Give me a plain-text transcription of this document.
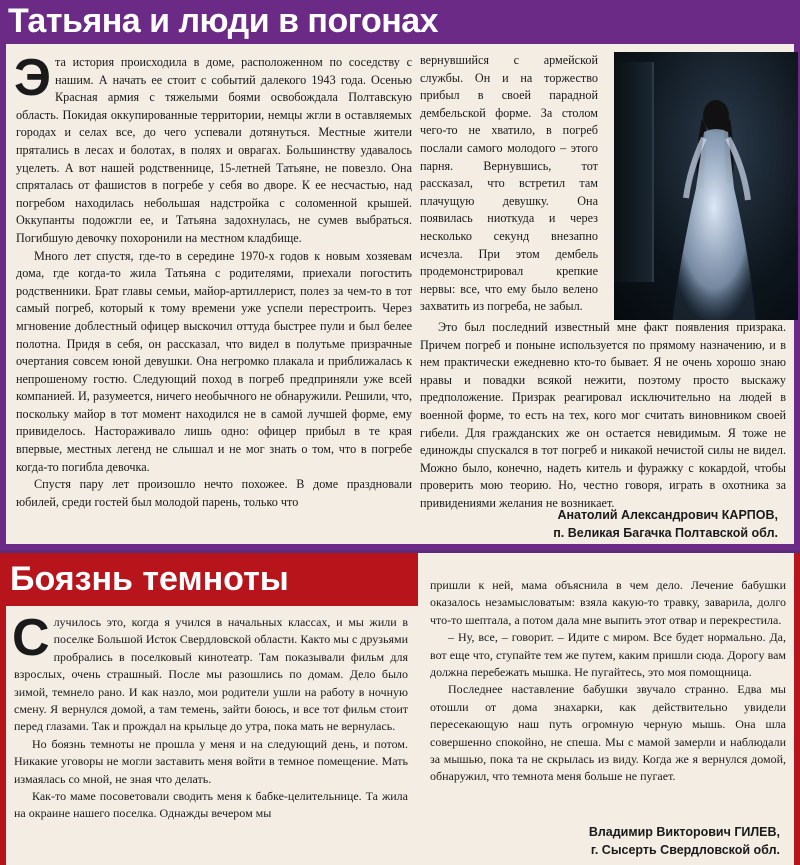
Татьяна и люди в погонах

Эта история происходила в доме, расположенном по соседству с нашим. А начать ее стоит с событий далекого 1943 года. Осенью Красная армия с тяжелыми боями освобождала Полтавскую область. Покидая оккупированные территории, немцы жгли в оставляемых городах и селах все, до чего успевали дотянуться. Местные жители прятались в лесах и болотах, в полях и оврагах. Большинству удавалось уцелеть. А вот нашей родственнице, 15-летней Татьяне, не повезло. Она спряталась от фашистов в погребе у себя во дворе. К ее несчастью, над погребом находилась небольшая надстройка с соломенной крышей. Оккупанты подожгли ее, и Татьяна задохнулась, не сумев выбраться. Погибшую девочку похоронили на местном кладбище.

Много лет спустя, где-то в середине 1970-х годов к новым хозяевам дома, где когда-то жила Татьяна с родителями, приехали погостить родственники. Брат главы семьи, майор-артиллерист, полез за чем-то в тот самый погреб, который к тому времени уже успели перестроить. Через мгновение доблестный офицер выскочил оттуда быстрее пули и был белее полотна. Придя в себя, он рассказал, что видел в полутьме призрачные очертания совсем юной девушки. Она негромко плакала и приближалась к непрошеному гостю. Следующий поход в погреб предприняли уже всей компанией. И, разумеется, ничего необычного не обнаружили. Решили, что, поскольку майор в тот момент находился не в самой лучшей форме, ему привиделось. Настораживало лишь одно: офицер прибыл в те края впервые, местных легенд не слышал и не мог знать о том, что в погребе когда-то погибла девочка.

Спустя пару лет произошло нечто похожее. В доме праздновали юбилей, среди гостей был молодой парень, только что

вернувшийся с армейской службы. Он и на торжество прибыл в своей парадной дембельской форме. За столом чего-то не хватило, в погреб послали самого молодого – этого парня. Вернувшись, тот рассказал, что встретил там плачущую девушку. Она появилась ниоткуда и через несколько секунд внезапно исчезла. При этом дембель продемонстрировал крепкие нервы: все, что ему было велено захватить из погреба, не забыл.

Это был последний известный мне факт появления призрака. Причем погреб и поныне используется по прямому назначению, и в нем практически ежедневно кто-то бывает. Я не очень хорошо знаю нравы и повадки всякой нежити, поэтому просто выскажу предположение. Призрак реагировал исключительно на людей в военной форме, то есть на тех, кого мог считать виновником своей гибели. Для гражданских же он остается невидимым. Я тоже не единожды спускался в тот погреб и никакой нечистой силы не видел. Можно было, конечно, надеть китель и фуражку с кокардой, чтобы проверить мою теорию. Но, честно говоря, играть в охотника за привидениями желания не возникает.

Анатолий Александрович КАРПОВ,
п. Великая Багачка Полтавской обл.
Боязнь темноты

Случилось это, когда я учился в начальных классах, и мы жили в поселке Большой Исток Свердловской области. Както мы с друзьями пробрались в поселковый кинотеатр. Там показывали фильм для взрослых, очень страшный. После мы разошлись по домам. Дело было зимой, темнело рано. И как назло, мои родители ушли на работу в ночную смену. Я вернулся домой, а там темень, зайти боюсь, и все тот фильм стоит перед глазами. Так и прождал на крыльце до утра, пока мать не вернулась.

Но боязнь темноты не прошла у меня и на следующий день, и потом. Никакие уговоры не могли заставить меня войти в темное помещение. Мать измаялась со мной, не зная что делать.

Как-то маме посоветовали сводить меня к бабке-целительнице. Та жила на окраине нашего поселка. Однажды вечером мы

пришли к ней, мама объяснила в чем дело. Лечение бабушки оказалось незамысловатым: взяла какую-то травку, заварила, долго что-то шептала, а потом дала мне выпить этот отвар и перекрестила.

– Ну, все, – говорит. – Идите с миром. Все будет нормально. Да, вот еще что, ступайте тем же путем, каким пришли сюда. Дорогу вам должна перебежать мышка. Не пугайтесь, это моя помощница.

Последнее наставление бабушки звучало странно. Едва мы отошли от дома знахарки, как действительно увидели пересекающую наш путь огромную черную мышь. Она шла совершенно спокойно, не спеша. Мы с мамой замерли и наблюдали за мышью, пока та не скрылась из виду. Когда же я вернулся домой, обнаружил, что темнота меня больше не пугает.

Владимир Викторович ГИЛЕВ,
г. Сысерть Свердловской обл.
